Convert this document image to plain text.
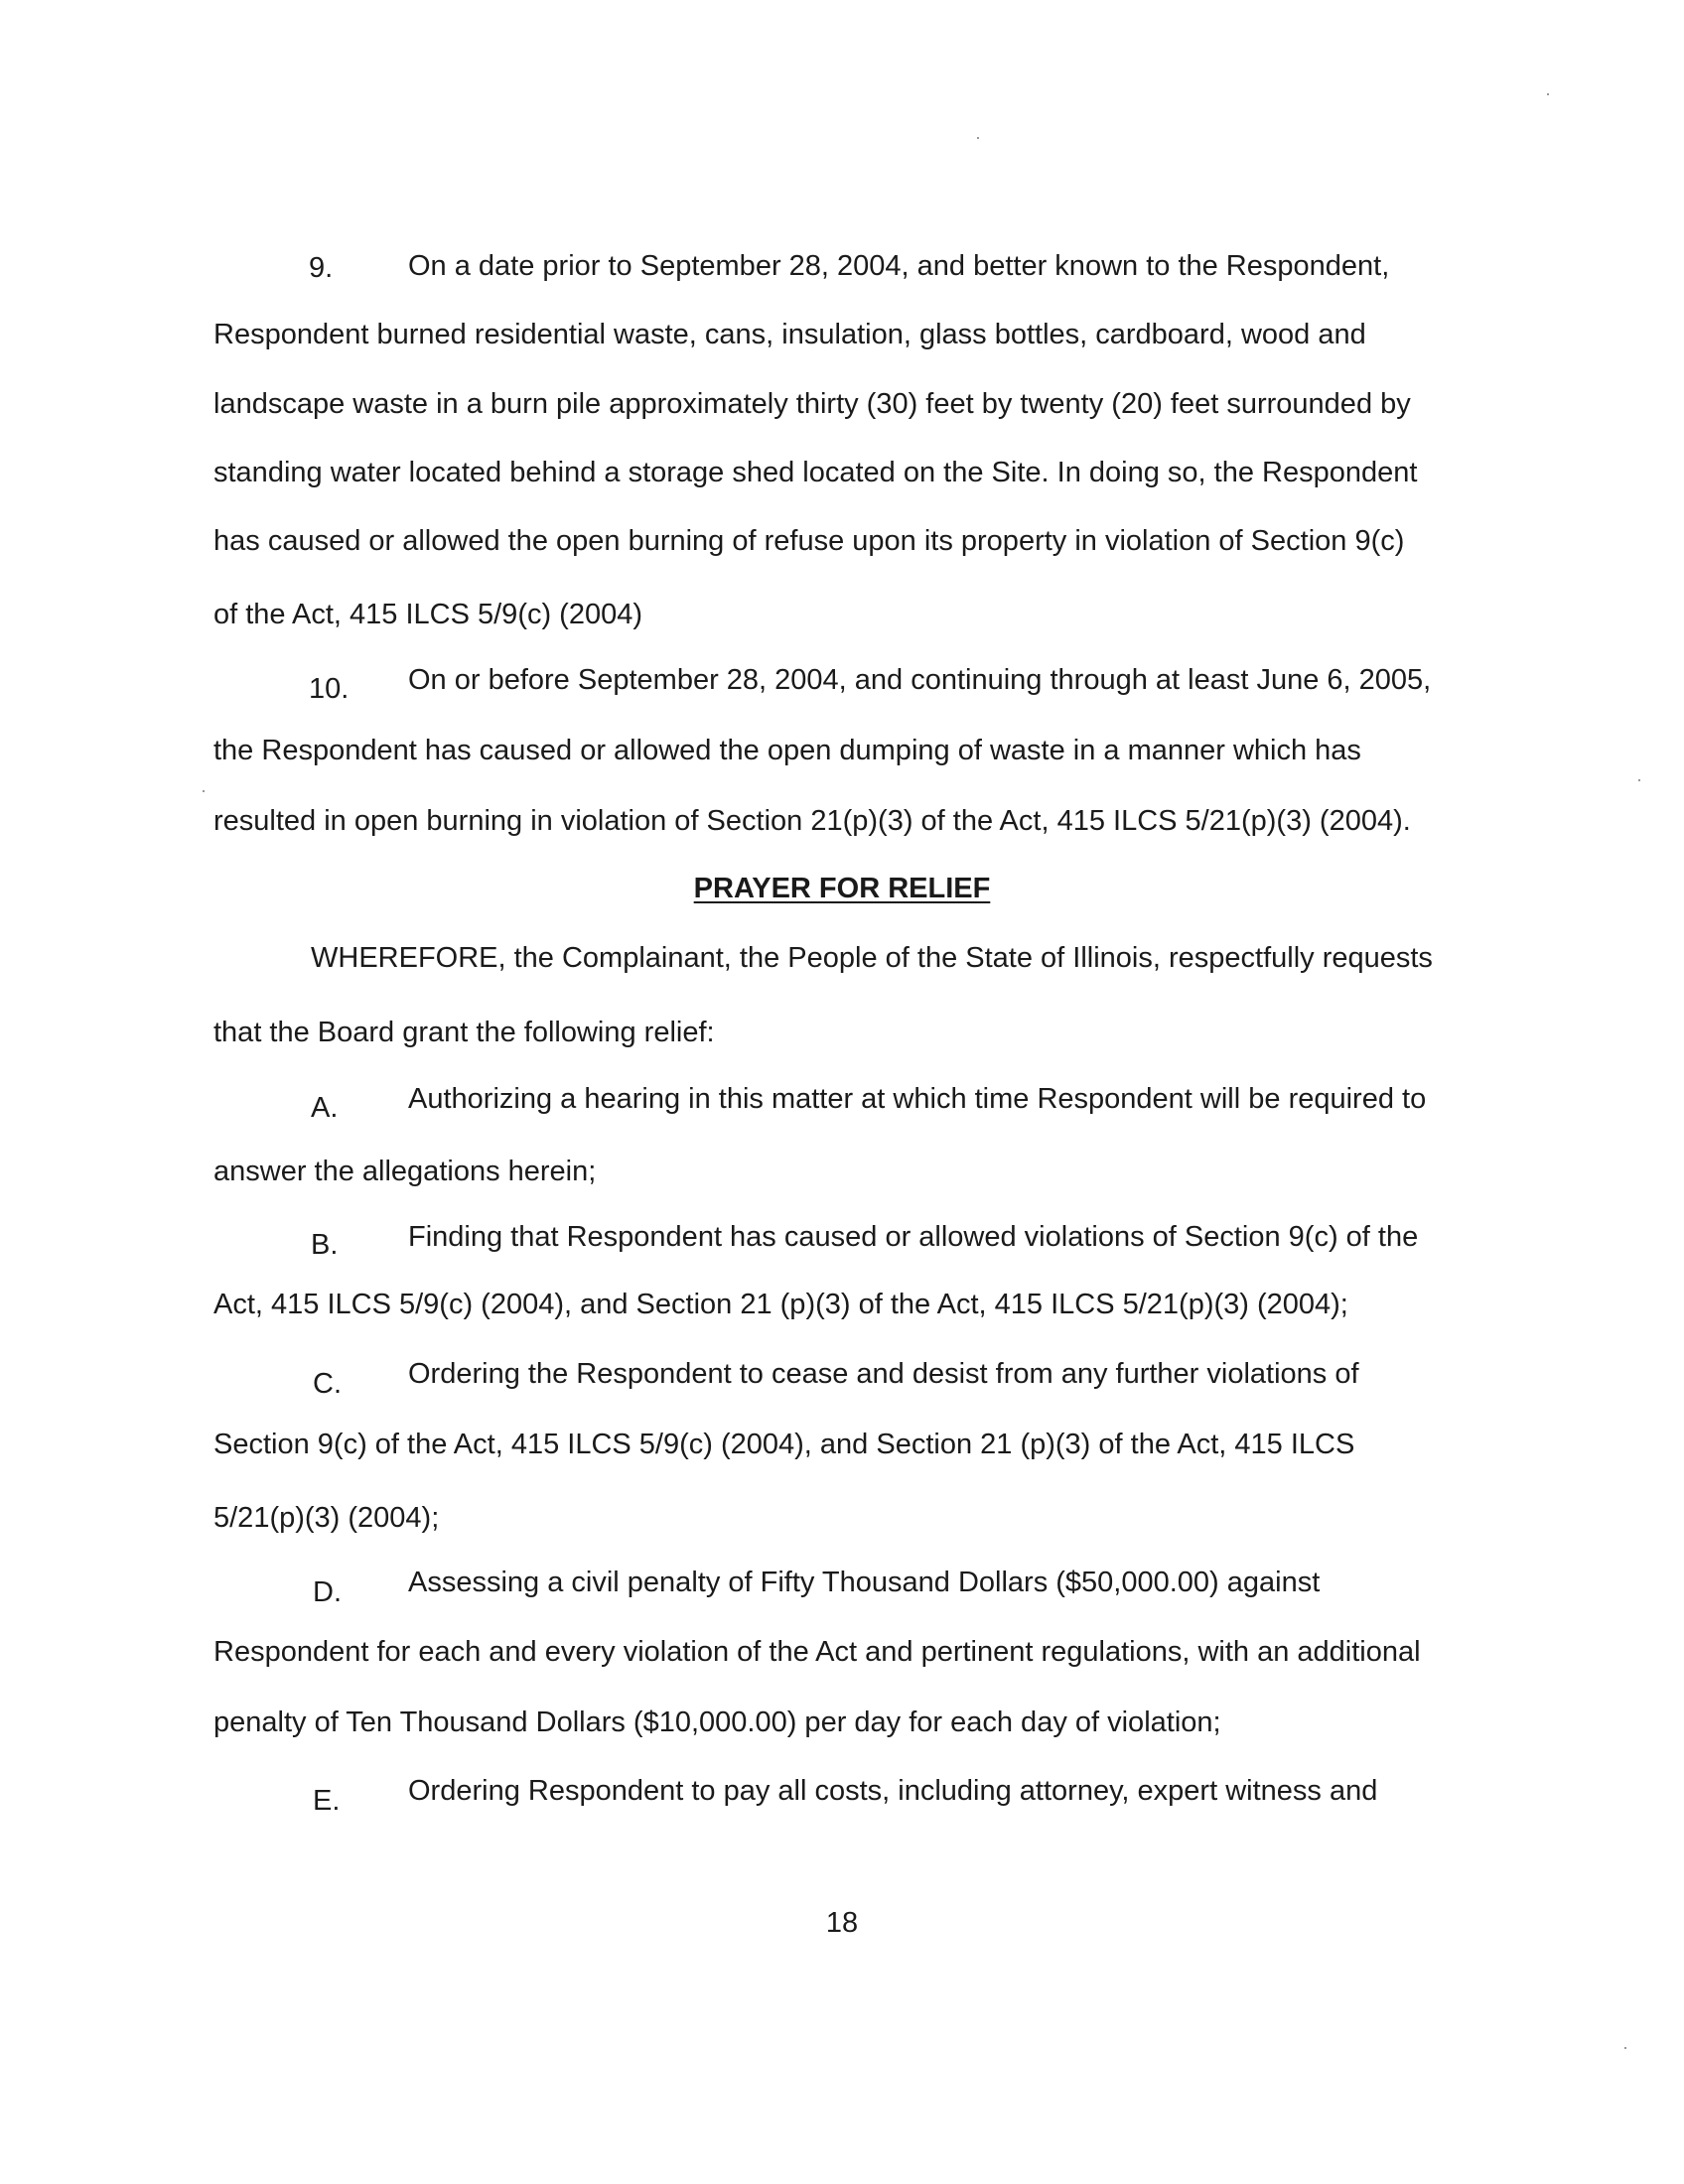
9.	On a date prior to September 28, 2004, and better known to the Respondent,
Respondent burned residential waste, cans, insulation, glass bottles, cardboard, wood and
landscape waste in a burn pile approximately thirty (30) feet by twenty (20) feet surrounded by
standing water located behind a storage shed located on the Site. In doing so, the Respondent
has caused or allowed the open burning of refuse upon its property in violation of Section 9(c)
of the Act, 415 ILCS 5/9(c) (2004)
10. On or before September 28, 2004, and continuing through at least June 6, 2005,
the Respondent has caused or allowed the open dumping of waste in a manner which has
resulted in open burning in violation of Section 21(p)(3) of the Act, 415 ILCS 5/21(p)(3) (2004).
PRAYER FOR RELIEF
WHEREFORE, the Complainant, the People of the State of Illinois, respectfully requests
that the Board grant the following relief:
A. Authorizing a hearing in this matter at which time Respondent will be required to
answer the allegations herein;
B. Finding that Respondent has caused or allowed violations of Section 9(c) of the
Act, 415 ILCS 5/9(c) (2004), and Section 21 (p)(3) of the Act, 415 ILCS 5/21(p)(3) (2004);
C. Ordering the Respondent to cease and desist from any further violations of
Section 9(c) of the Act, 415 ILCS 5/9(c) (2004), and Section 21 (p)(3) of the Act, 415 ILCS
5/21(p)(3) (2004);
D. Assessing a civil penalty of Fifty Thousand Dollars ($50,000.00) against
Respondent for each and every violation of the Act and pertinent regulations, with an additional
penalty of Ten Thousand Dollars ($10,000.00) per day for each day of violation;
E. Ordering Respondent to pay all costs, including attorney, expert witness and
18
